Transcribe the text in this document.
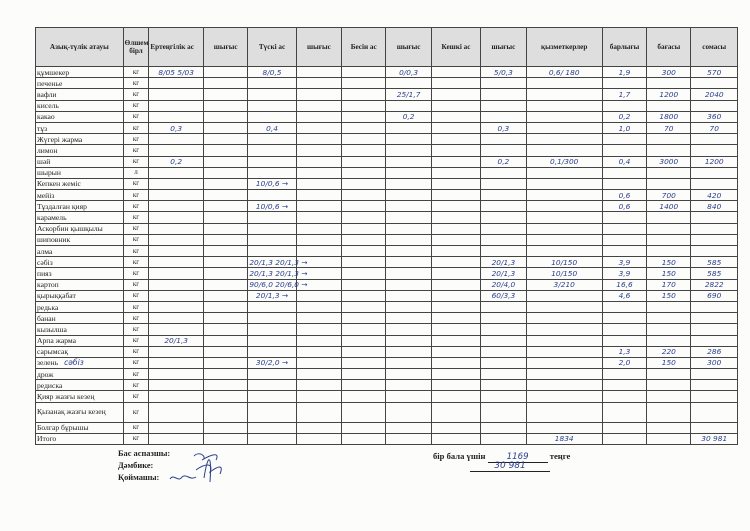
Азық-түлік атауы	Өлшем бірл	Ертеңгілік ас	шығыс	Түскі ас	шығыс	Бесін ас	шығыс	Кешкі ас	шығыс	қызметкерлер	барлығы	бағасы	сомасы
құмшекер	кг	8/05 5/03		8/0,5			0/0,3		5/0,3	0,6/ 180	1,9	300	570
печенье	кг												
вафли	кг						25/1,7				1,7	1200	2040
кисель	кг												
какао	кг						0,2				0,2	1800	360
тұз	кг	0,3		0,4					0,3		1,0	70	70
Жүгері жарма	кг												
лимон	кг												
шәй	кг	0,2							0,2	0,1/300	0,4	3000	1200
шырын	л												
Кепкен жеміс	кг			10/0,6 →									
мейіз	кг										0,6	700	420
Тұздалған қияр	кг			10/0,6 →							0,6	1400	840
карамель	кг												
Аскорбин қышқылы	кг												
шиповник	кг												
алма	кг												
сәбіз	кг			20/1,3 20/1,3 →					20/1,3	10/150	3,9	150	585
пияз	кг			20/1,3 20/1,3 →					20/1,3	10/150	3,9	150	585
картоп	кг			90/6,0 20/6,0 →					20/4,0	3/210	16,6	170	2822
қырыққабат	кг			20/1,3 →					60/3,3		4,6	150	690
редька	кг												
банан	кг												
кызылша	кг												
Арпа жарма	кг	20/1,3											
сарымсақ	кг										1,3	220	286
зелень сәбіз	кг			30/2,0 →							2,0	150	300
дрож	кг												
редиска	кг												
Қияр жазғы кезең	кг												
Қызанақ жазғы кезең	кг												
Болгар бұрышы	кг												
Итого	кг									1834			30 981
Бас аспазшы:
Дәмбике:
Қоймашы:
бір бала үшін 1169 теңге
30 981
